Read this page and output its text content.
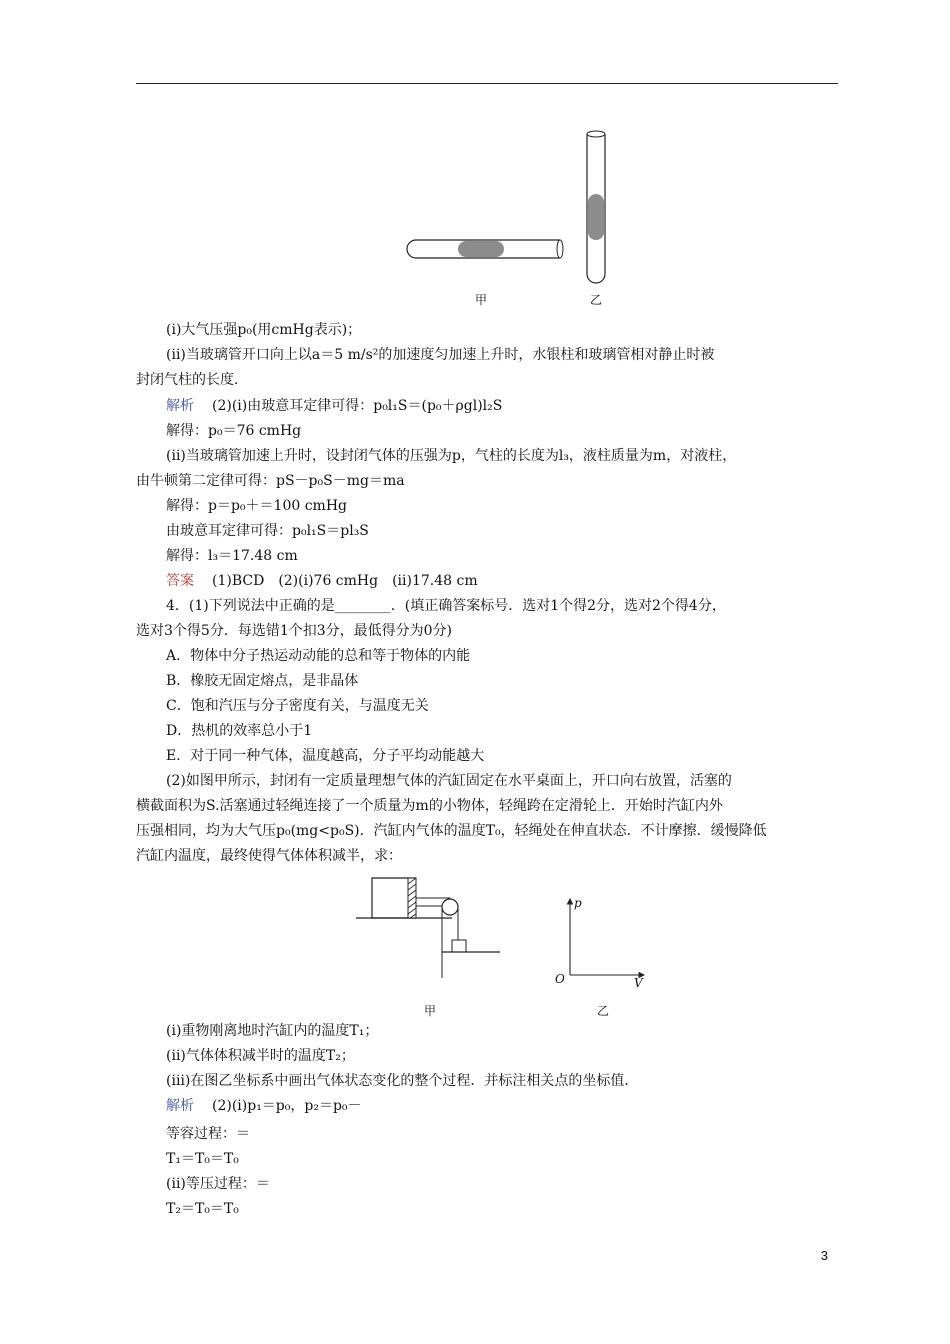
甲	乙
(ⅰ)大气压强p₀(用cmHg表示)；
(ⅱ)当玻璃管开口向上以a＝5 m/s²的加速度匀加速上升时，水银柱和玻璃管相对静止时被
封闭气柱的长度．
解析 (2)(ⅰ)由玻意耳定律可得：p₀l₁S＝(p₀＋ρgl)l₂S
解得：p₀＝76 cmHg
(ⅱ)当玻璃管加速上升时，设封闭气体的压强为p，气柱的长度为l₃，液柱质量为m，对液柱，
由牛顿第二定律可得：pS－p₀S－mg＝ma
解得：p＝p₀＋＝100 cmHg
由玻意耳定律可得：p₀l₁S＝pl₃S
解得：l₃＝17.48 cm
答案 (1)BCD　(2)(ⅰ)76 cmHg　(ⅱ)17.48 cm
4．(1)下列说法中正确的是________．(填正确答案标号．选对1个得2分，选对2个得4分，
选对3个得5分．每选错1个扣3分，最低得分为0分)
A．物体中分子热运动动能的总和等于物体的内能
B．橡胶无固定熔点，是非晶体
C．饱和汽压与分子密度有关，与温度无关
D．热机的效率总小于1
E．对于同一种气体，温度越高，分子平均动能越大
(2)如图甲所示，封闭有一定质量理想气体的汽缸固定在水平桌面上，开口向右放置，活塞的
横截面积为S.活塞通过轻绳连接了一个质量为m的小物体，轻绳跨在定滑轮上．开始时汽缸内外
压强相同，均为大气压p₀(mg<p₀S)．汽缸内气体的温度T₀，轻绳处在伸直状态．不计摩擦．缓慢降低
汽缸内温度，最终使得气体体积减半，求：
甲
p
V
O
乙
(ⅰ)重物刚离地时汽缸内的温度T₁；
(ⅱ)气体体积减半时的温度T₂；
(ⅲ)在图乙坐标系中画出气体状态变化的整个过程．并标注相关点的坐标值．
解析 (2)(ⅰ)p₁＝p₀，p₂＝p₀－
等容过程：＝
T₁＝T₀＝T₀
(ⅱ)等压过程：＝
T₂＝T₀＝T₀
3
